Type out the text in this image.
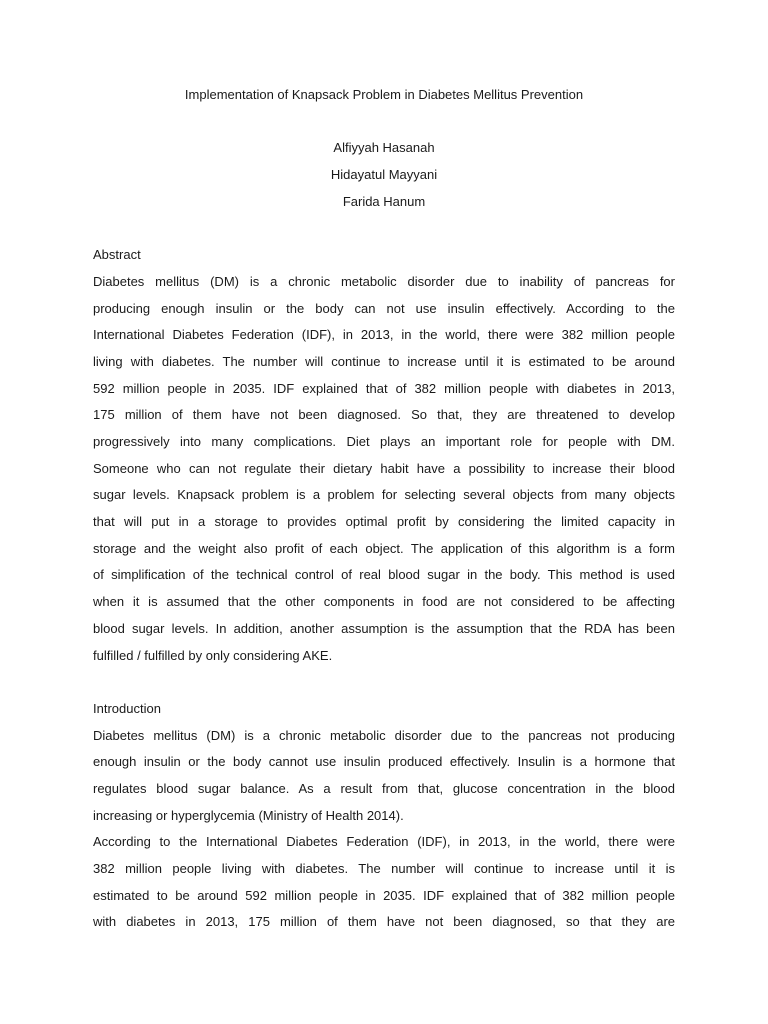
Implementation of Knapsack Problem in Diabetes Mellitus Prevention

Alfiyyah Hasanah

Hidayatul Mayyani

Farida Hanum

Abstract

Diabetes mellitus (DM) is a chronic metabolic disorder due to inability of pancreas for
producing enough insulin or the body can not use insulin effectively. According to the
International Diabetes Federation (IDF), in 2013, in the world, there were 382 million people
living with diabetes. The number will continue to increase until it is estimated to be around
592 million people in 2035. IDF explained that of 382 million people with diabetes in 2013,
175 million of them have not been diagnosed. So that, they are threatened to develop
progressively into many complications. Diet plays an important role for people with DM.
Someone who can not regulate their dietary habit have a possibility to increase their blood
sugar levels. Knapsack problem is a problem for selecting several objects from many objects
that will put in a storage to provides optimal profit by considering the limited capacity in
storage and the weight also profit of each object. The application of this algorithm is a form
of simplification of the technical control of real blood sugar in the body. This method is used
when it is assumed that the other components in food are not considered to be affecting
blood sugar levels. In addition, another assumption is the assumption that the RDA has been
fulfilled / fulfilled by only considering AKE.

Introduction

Diabetes mellitus (DM) is a chronic metabolic disorder due to the pancreas not producing
enough insulin or the body cannot use insulin produced effectively. Insulin is a hormone that
regulates blood sugar balance. As a result from that, glucose concentration in the blood
increasing or hyperglycemia (Ministry of Health 2014).
According to the International Diabetes Federation (IDF), in 2013, in the world, there were
382 million people living with diabetes. The number will continue to increase until it is
estimated to be around 592 million people in 2035. IDF explained that of 382 million people
with diabetes in 2013, 175 million of them have not been diagnosed, so that they are
